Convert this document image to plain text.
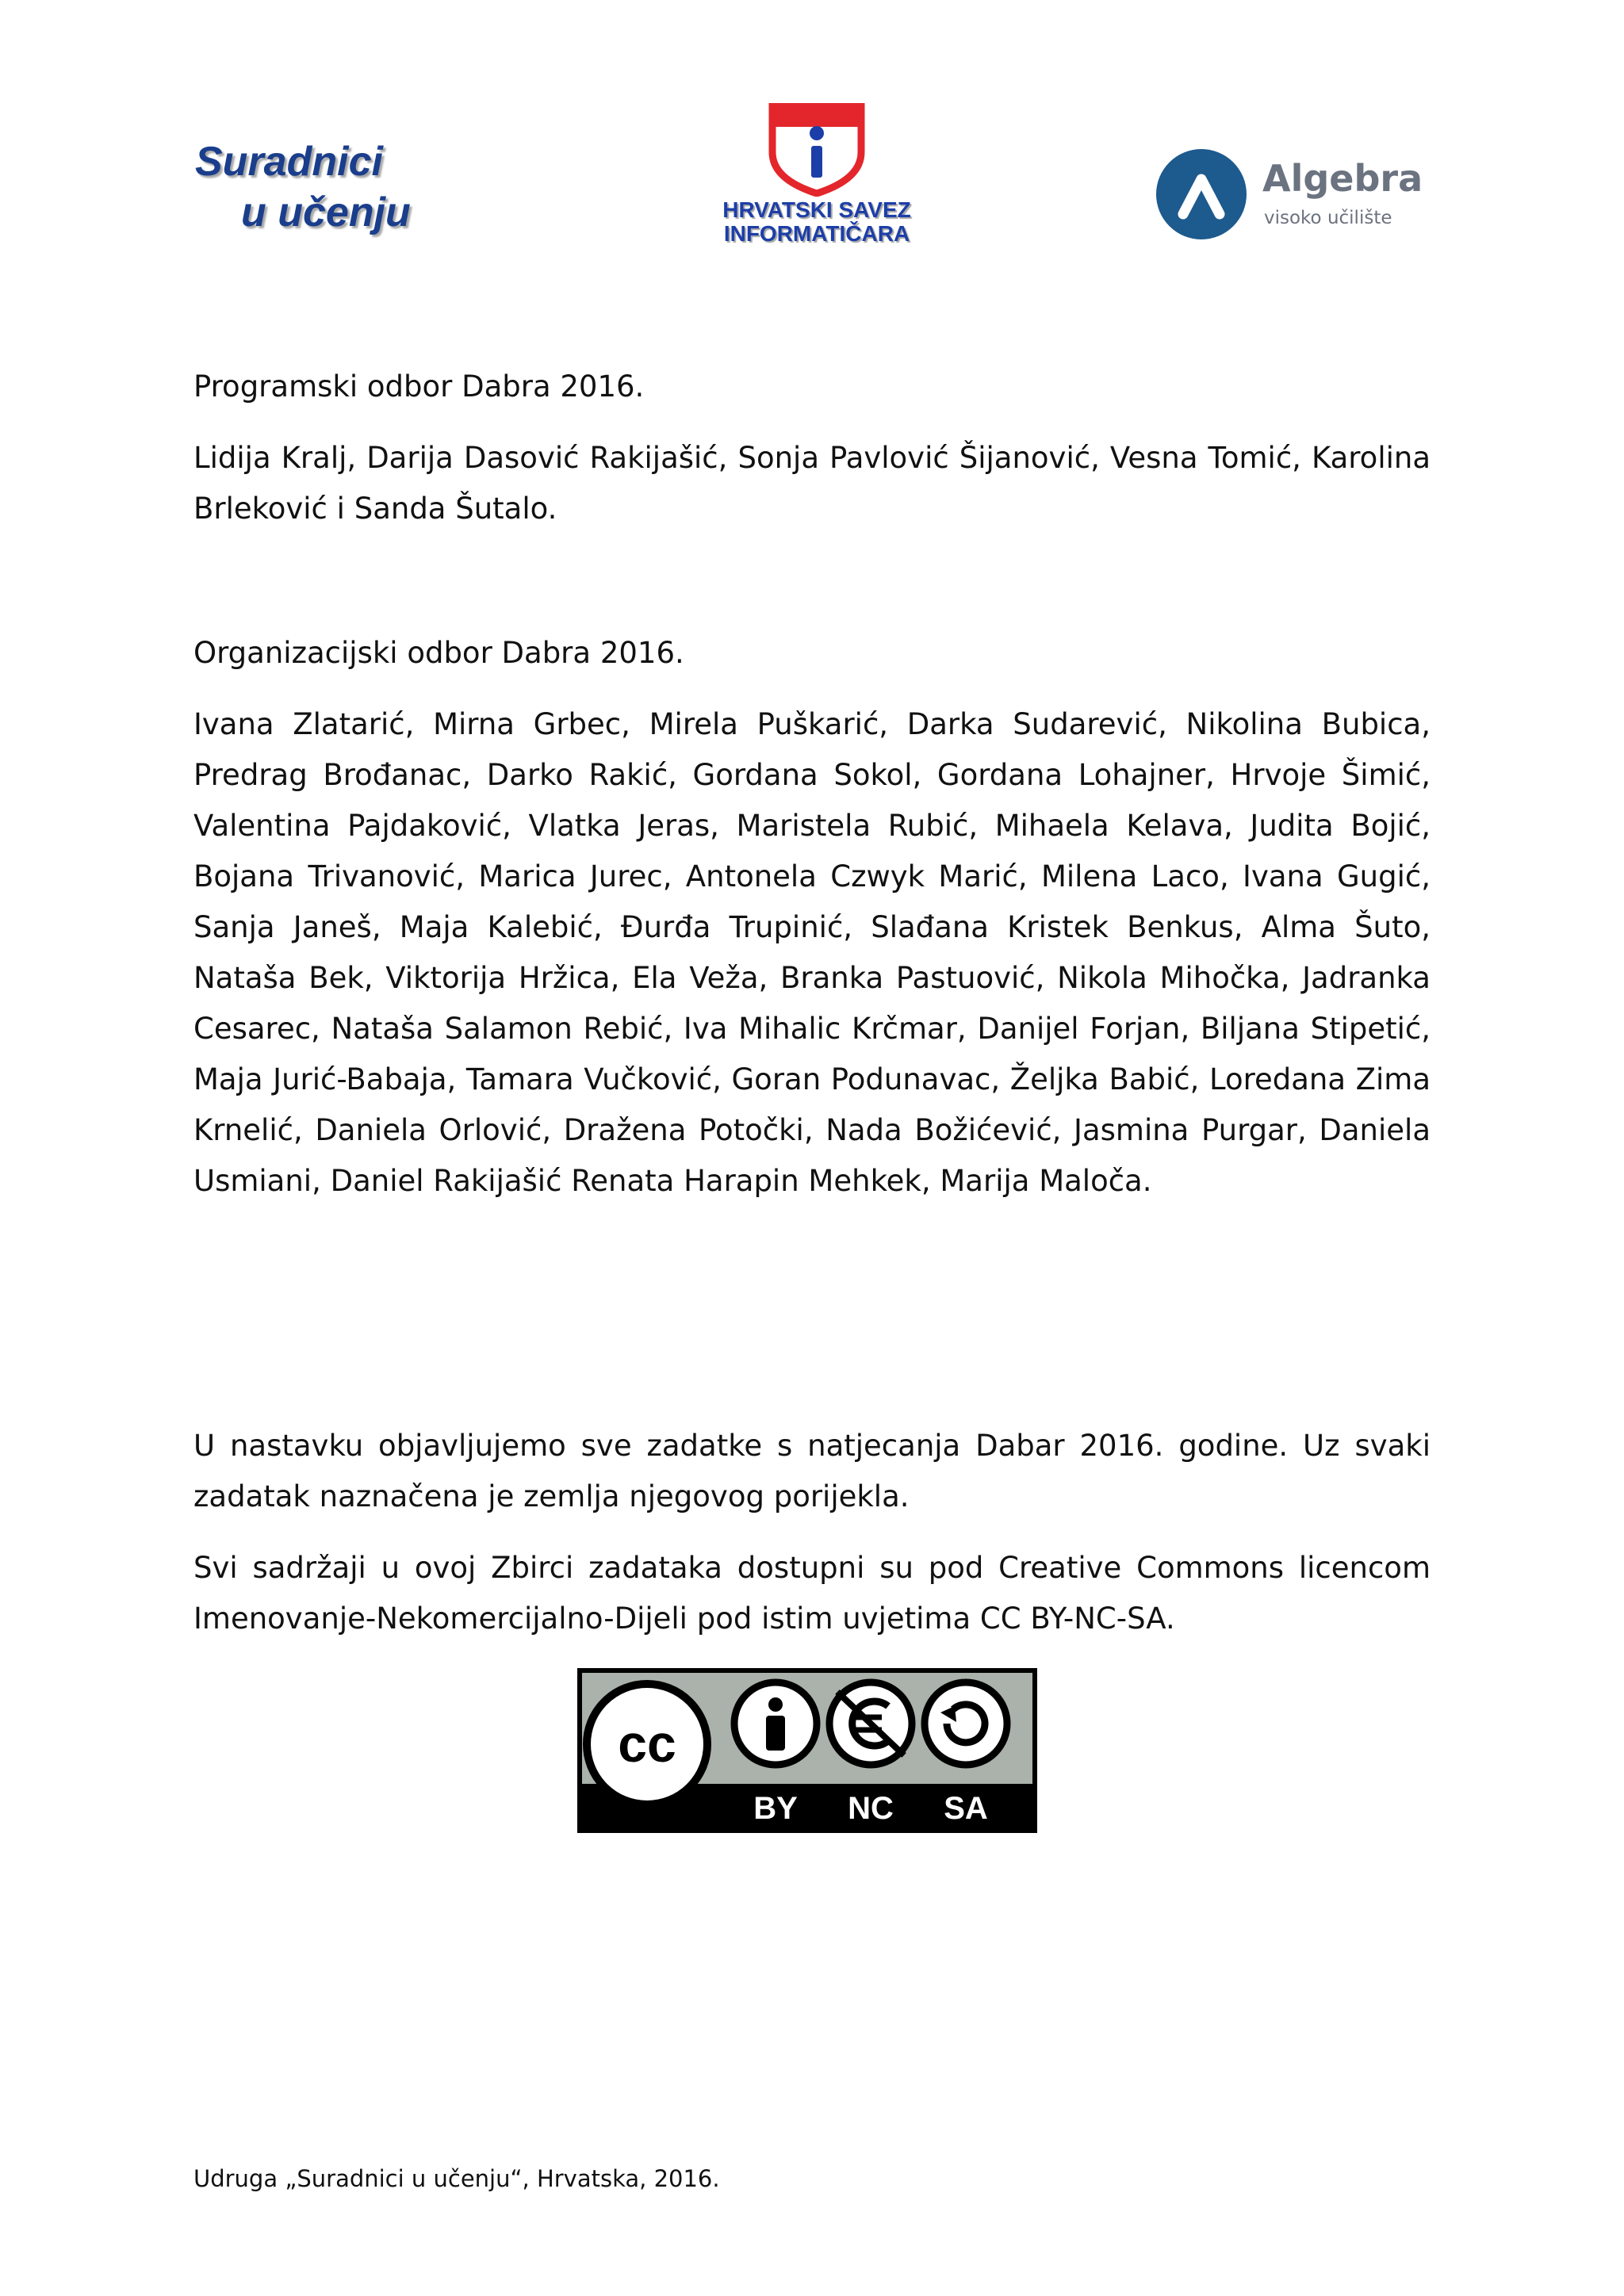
Suradnici
u učenju	HRVATSKI SAVEZ
INFORMATIČARA
Algebra
visoko učilište

Programski odbor Dabra 2016.

Lidija Kralj, Darija Dasović Rakijašić, Sonja Pavlović Šijanović, Vesna Tomić, Karolina Brleković i Sanda Šutalo.

Organizacijski odbor Dabra 2016.

Ivana Zlatarić, Mirna Grbec, Mirela Puškarić, Darka Sudarević, Nikolina Bubica, Predrag Brođanac, Darko Rakić, Gordana Sokol, Gordana Lohajner, Hrvoje Šimić, Valentina Pajdaković, Vlatka Jeras, Maristela Rubić, Mihaela Kelava, Judita Bojić, Bojana Trivanović, Marica Jurec, Antonela Czwyk Marić, Milena Laco, Ivana Gugić, Sanja Janeš, Maja Kalebić, Đurđa Trupinić, Slađana Kristek Benkus, Alma Šuto, Nataša Bek, Viktorija Hržica, Ela Veža, Branka Pastuović, Nikola Mihočka, Jadranka Cesarec, Nataša Salamon Rebić, Iva Mihalic Krčmar, Danijel Forjan, Biljana Stipetić, Maja Jurić-Babaja, Tamara Vučković, Goran Podunavac, Željka Babić, Loredana Zima Krnelić, Daniela Orlović, Dražena Potočki, Nada Božićević, Jasmina Purgar, Daniela Usmiani, Daniel Rakijašić Renata Harapin Mehkek, Marija Maloča.

U nastavku objavljujemo sve zadatke s natjecanja Dabar 2016. godine. Uz svaki zadatak naznačena je zemlja njegovog porijekla.

Svi sadržaji u ovoj Zbirci zadataka dostupni su pod Creative Commons licencom Imenovanje-Nekomercijalno-Dijeli pod istim uvjetima CC BY-NC-SA.

cc
BY NC SA
Udruga „Suradnici u učenju“, Hrvatska, 2016.
